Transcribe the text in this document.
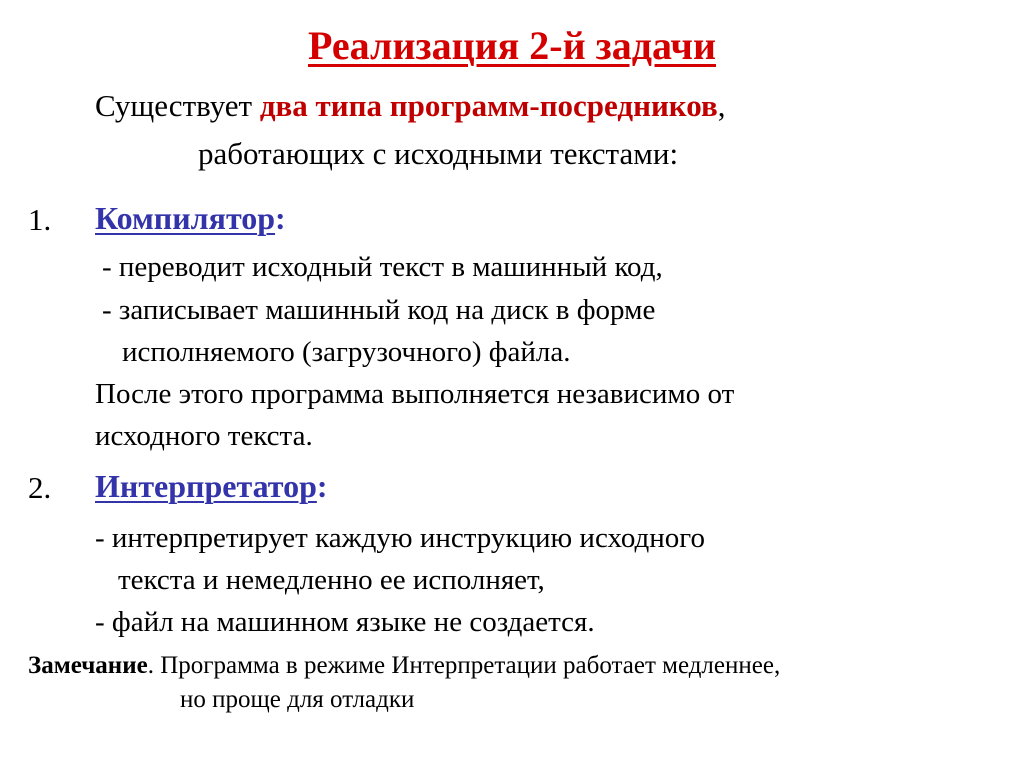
Реализация 2-й задачи
Существует два типа программ-посредников,
работающих с исходными текстами:
1. Компилятор:
- переводит исходный текст в машинный код,
- записывает машинный код на диск в форме
исполняемого (загрузочного) файла.
После этого программа выполняется независимо от
исходного текста.
2. Интерпретатор:
- интерпретирует каждую инструкцию исходного
текста и немедленно ее исполняет,
- файл на машинном языке не создается.
Замечание. Программа в режиме Интерпретации работает медленнее,
но проще для отладки
